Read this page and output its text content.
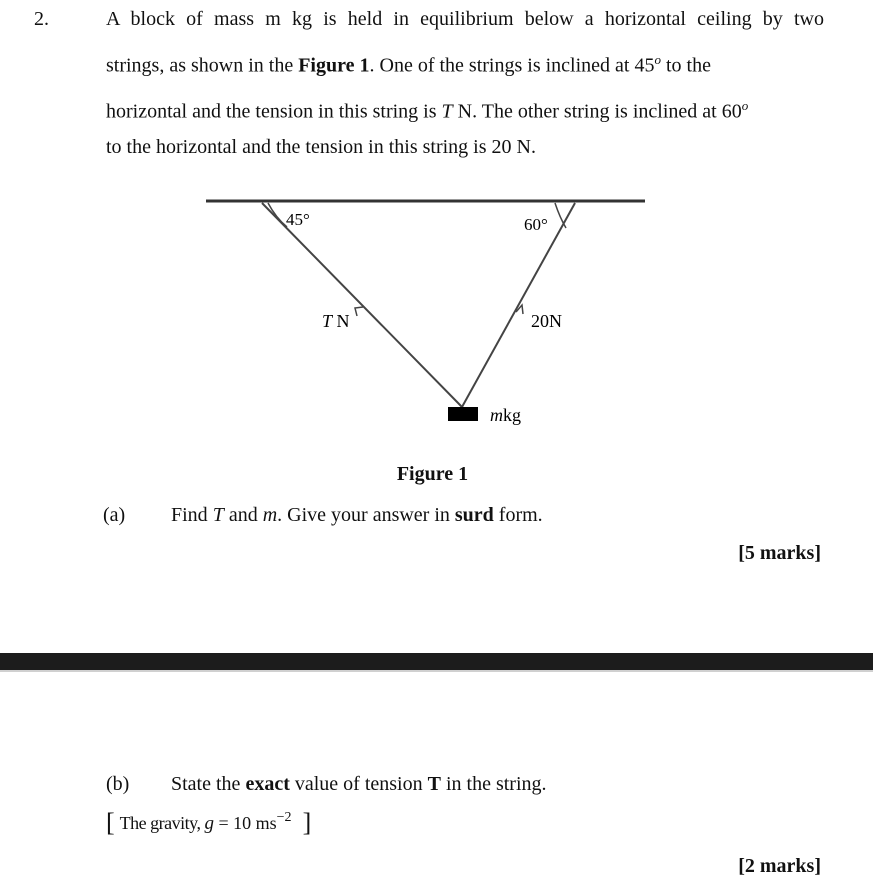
2.	A block of mass m kg is held in equilibrium below a horizontal ceiling by two
strings, as shown in the Figure 1. One of the strings is inclined at 45$^o$ to the
horizontal and the tension in this string is T N. The other string is inclined at 60$^o$
to the horizontal and the tension in this string is 20 N.
45°	60°
T N	20N
mkg
Figure 1
(a) Find T and m. Give your answer in surd form.
[5 marks]
(b) State the exact value of tension T in the string.
[ The gravity, g = 10 $ms^{-2}$ ]
[2 marks]
